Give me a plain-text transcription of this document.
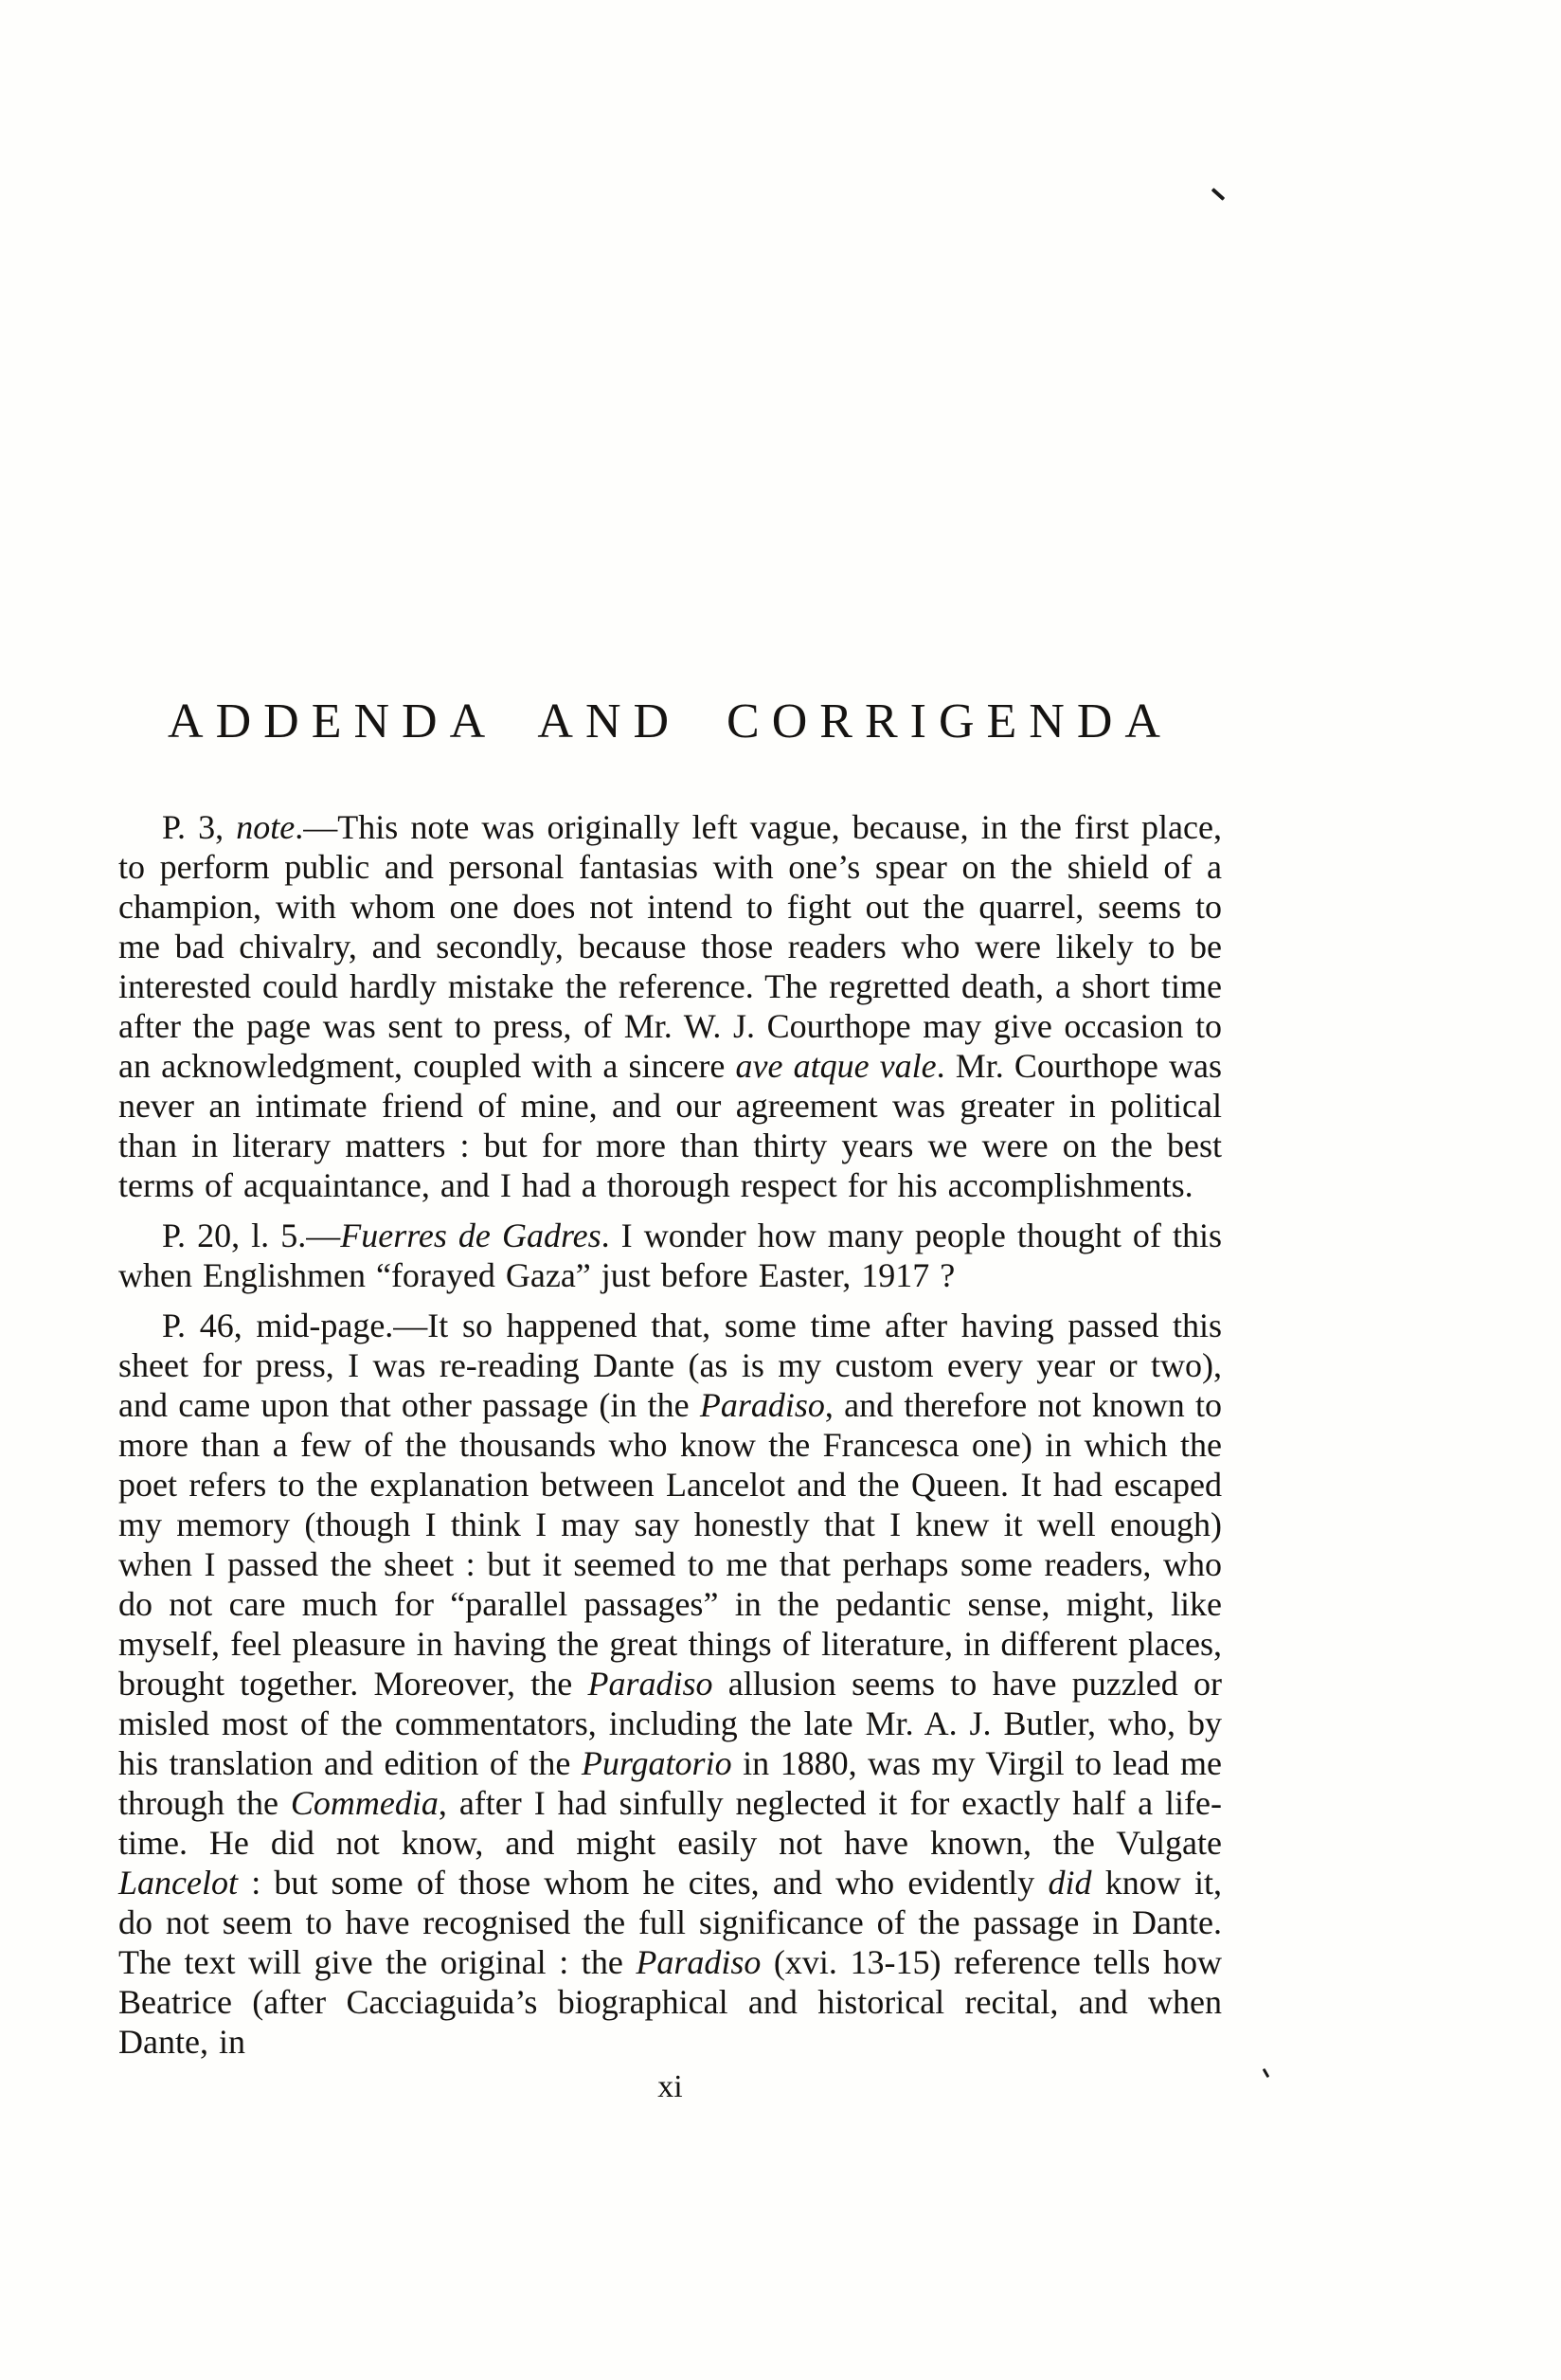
ADDENDA AND CORRIGENDA

P. 3, note.—This note was originally left vague, because, in the first place, to perform public and personal fantasias with one’s spear on the shield of a champion, with whom one does not intend to fight out the quarrel, seems to me bad chivalry, and secondly, because those readers who were likely to be interested could hardly mistake the reference. The regretted death, a short time after the page was sent to press, of Mr. W. J. Courthope may give occasion to an acknowledgment, coupled with a sincere ave atque vale. Mr. Courthope was never an intimate friend of mine, and our agreement was greater in political than in literary matters : but for more than thirty years we were on the best terms of acquaintance, and I had a thorough respect for his accomplishments.

P. 20, l. 5.—Fuerres de Gadres. I wonder how many people thought of this when Englishmen “forayed Gaza” just before Easter, 1917 ?

P. 46, mid-page.—It so happened that, some time after having passed this sheet for press, I was re-reading Dante (as is my custom every year or two), and came upon that other passage (in the Paradiso, and therefore not known to more than a few of the thousands who know the Francesca one) in which the poet refers to the explanation between Lancelot and the Queen. It had escaped my memory (though I think I may say honestly that I knew it well enough) when I passed the sheet : but it seemed to me that perhaps some readers, who do not care much for “parallel passages” in the pedantic sense, might, like myself, feel pleasure in having the great things of literature, in different places, brought together. Moreover, the Paradiso allusion seems to have puzzled or misled most of the commentators, including the late Mr. A. J. Butler, who, by his translation and edition of the Purgatorio in 1880, was my Virgil to lead me through the Commedia, after I had sinfully neglected it for exactly half a life-time. He did not know, and might easily not have known, the Vulgate Lancelot : but some of those whom he cites, and who evidently did know it, do not seem to have recognised the full significance of the passage in Dante. The text will give the original : the Paradiso (xvi. 13-15) reference tells how Beatrice (after Cacciaguida’s biographical and historical recital, and when Dante, in

xi
